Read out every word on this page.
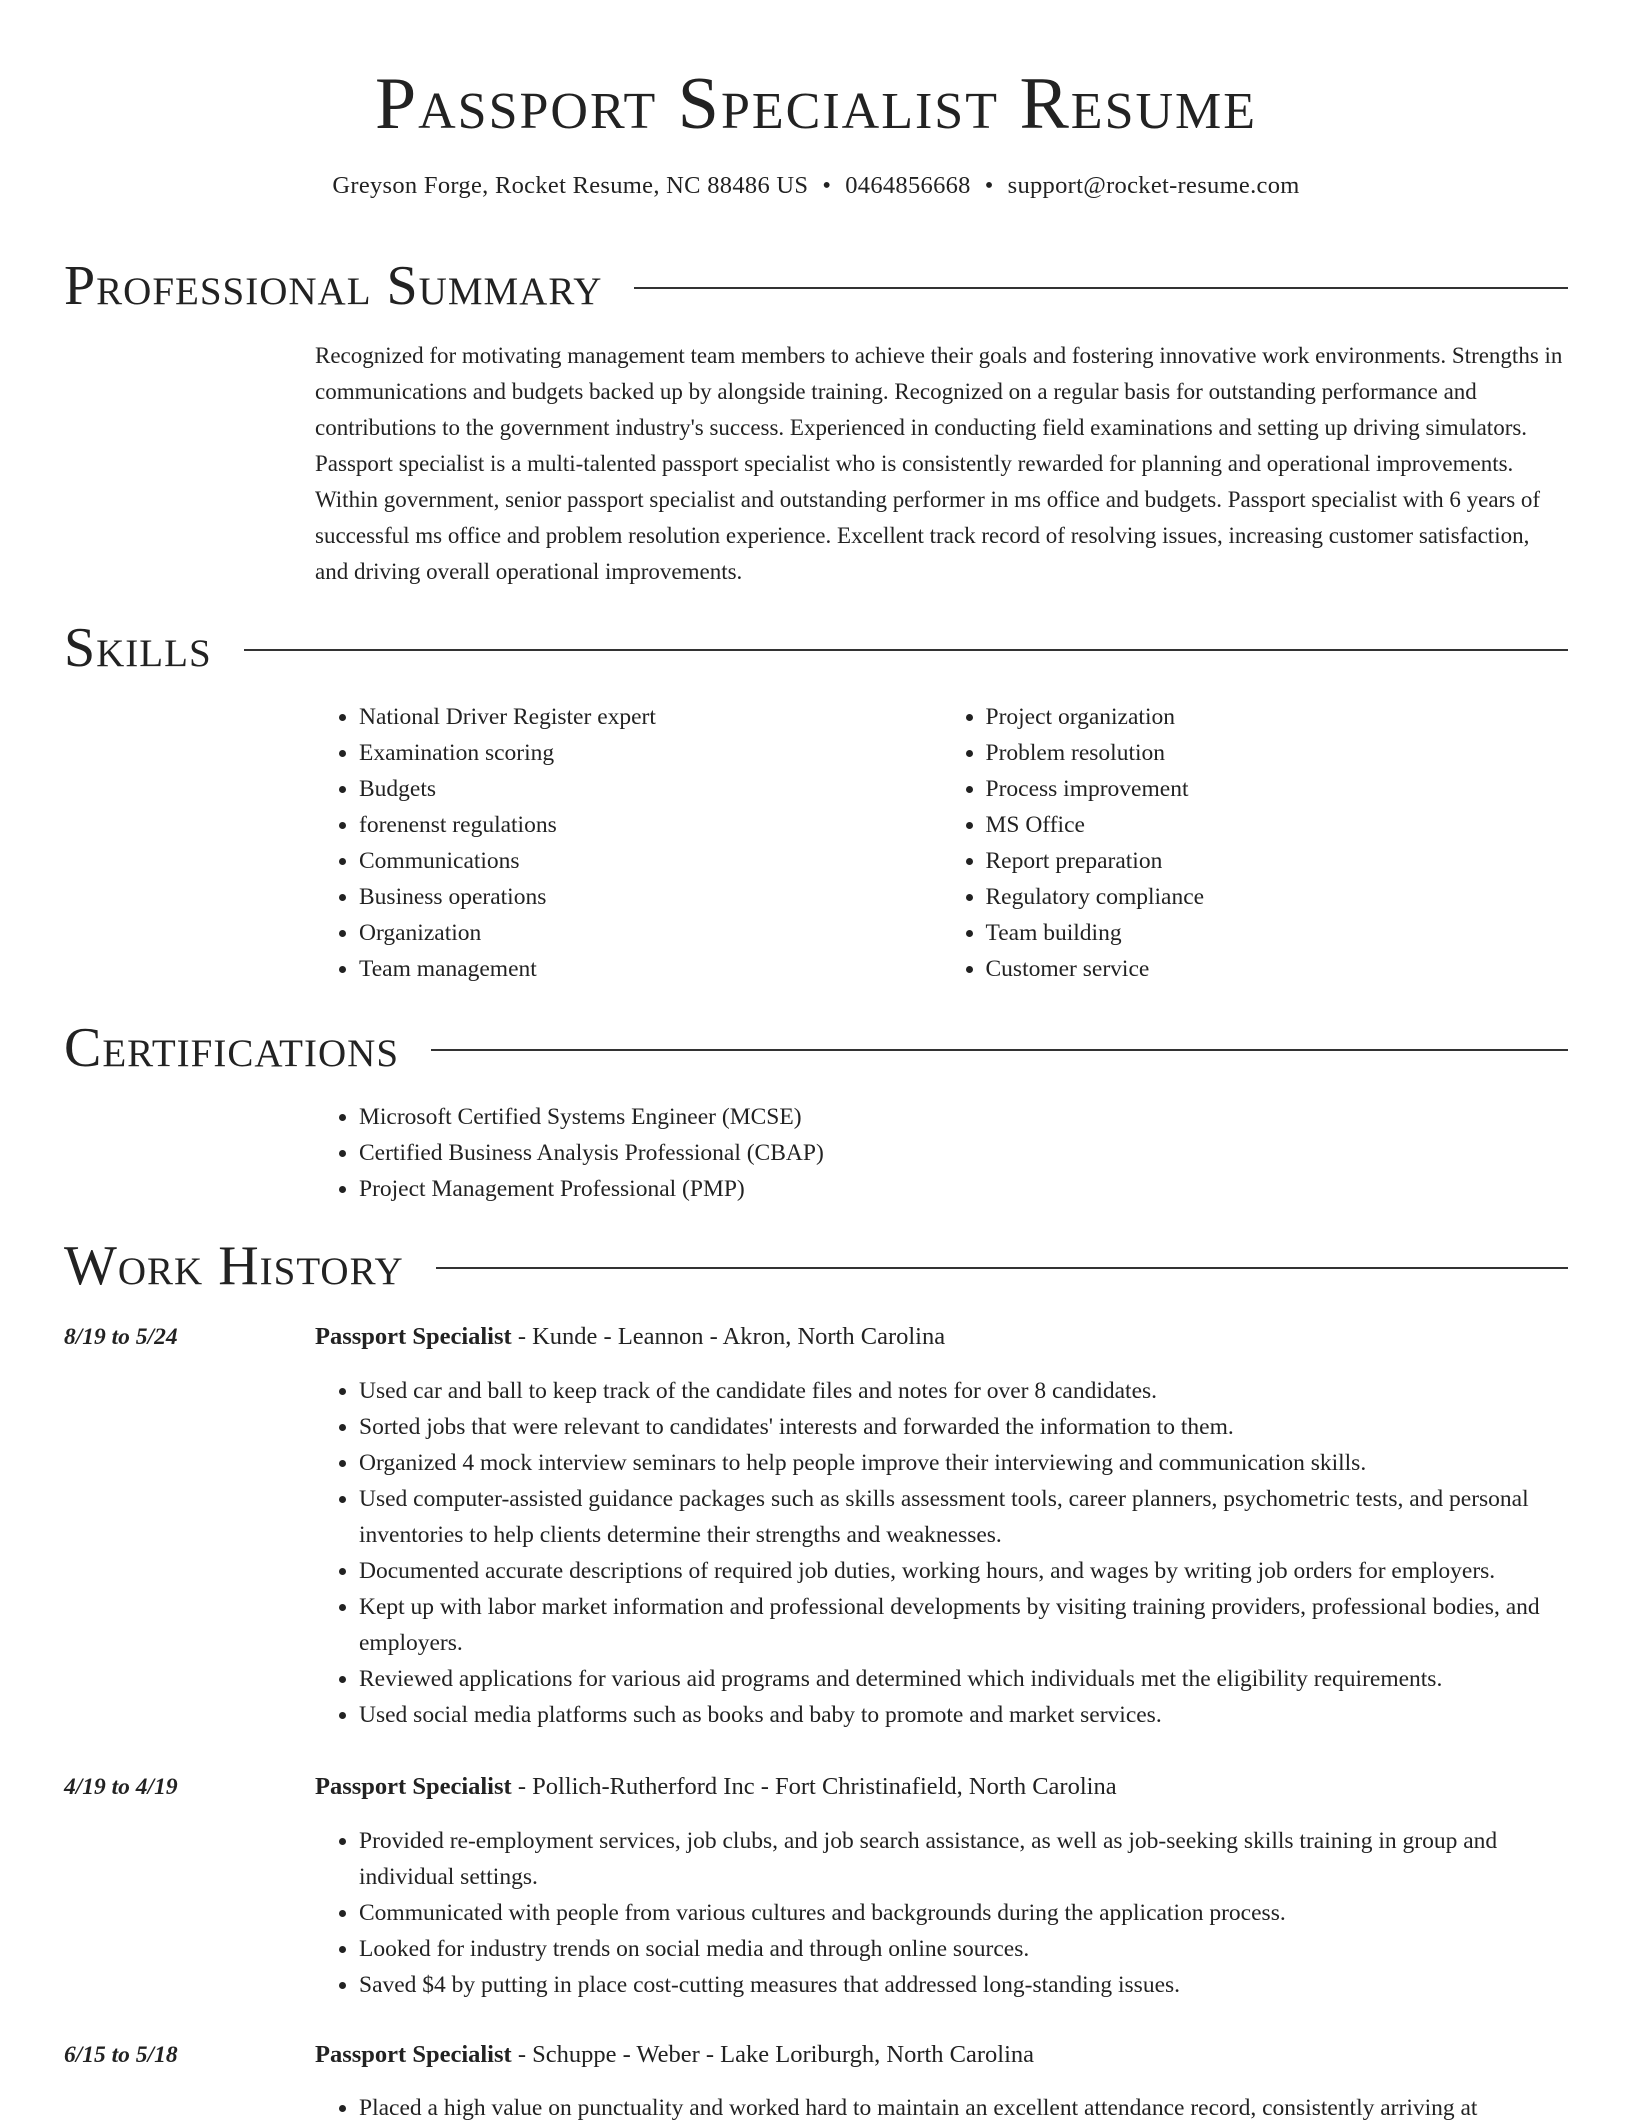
Passport Specialist Resume
Greyson Forge, Rocket Resume, NC 88486 US • 0464856668 • support@rocket-resume.com
Professional Summary
Recognized for motivating management team members to achieve their goals and fostering innovative work environments. Strengths in communications and budgets backed up by alongside training. Recognized on a regular basis for outstanding performance and contributions to the government industry's success. Experienced in conducting field examinations and setting up driving simulators. Passport specialist is a multi-talented passport specialist who is consistently rewarded for planning and operational improvements. Within government, senior passport specialist and outstanding performer in ms office and budgets. Passport specialist with 6 years of successful ms office and problem resolution experience. Excellent track record of resolving issues, increasing customer satisfaction, and driving overall operational improvements.
Skills
• National Driver Register expert
• Examination scoring
• Budgets
• forenenst regulations
• Communications
• Business operations
• Organization
• Team management
• Project organization
• Problem resolution
• Process improvement
• MS Office
• Report preparation
• Regulatory compliance
• Team building
• Customer service
Certifications
• Microsoft Certified Systems Engineer (MCSE)
• Certified Business Analysis Professional (CBAP)
• Project Management Professional (PMP)
Work History
8/19 to 5/24	Passport Specialist - Kunde - Leannon - Akron, North Carolina
• Used car and ball to keep track of the candidate files and notes for over 8 candidates.
• Sorted jobs that were relevant to candidates' interests and forwarded the information to them.
• Organized 4 mock interview seminars to help people improve their interviewing and communication skills.
• Used computer-assisted guidance packages such as skills assessment tools, career planners, psychometric tests, and personal inventories to help clients determine their strengths and weaknesses.
• Documented accurate descriptions of required job duties, working hours, and wages by writing job orders for employers.
• Kept up with labor market information and professional developments by visiting training providers, professional bodies, and employers.
• Reviewed applications for various aid programs and determined which individuals met the eligibility requirements.
• Used social media platforms such as books and baby to promote and market services.
4/19 to 4/19	Passport Specialist - Pollich-Rutherford Inc - Fort Christinafield, North Carolina
• Provided re-employment services, job clubs, and job search assistance, as well as job-seeking skills training in group and individual settings.
• Communicated with people from various cultures and backgrounds during the application process.
• Looked for industry trends on social media and through online sources.
• Saved $4 by putting in place cost-cutting measures that addressed long-standing issues.
6/15 to 5/18	Passport Specialist - Schuppe - Weber - Lake Loriburgh, North Carolina
• Placed a high value on punctuality and worked hard to maintain an excellent attendance record, consistently arriving at
